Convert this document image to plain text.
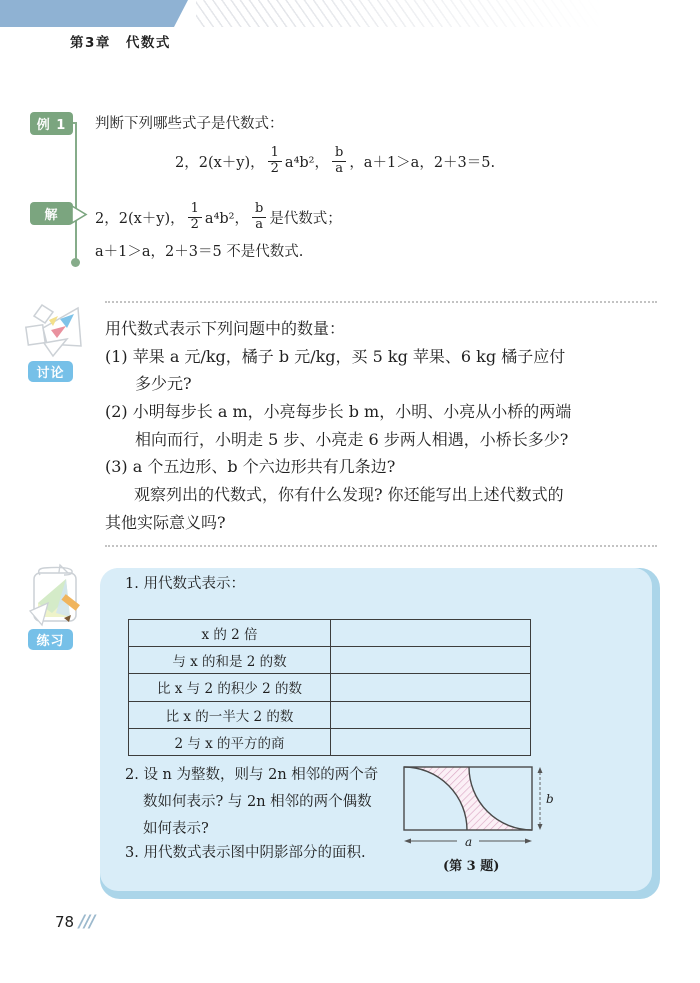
第3章　代数式
例 1	判断下列哪些式子是代数式：
2，2(x＋y)， $\frac{1}{2} a^4b^2$， $\frac{b}{a}$ ，a＋1＞a，2＋3＝5.
解	2，2(x＋y)， $\frac{1}{2} a^4b^2$， $\frac{b}{a}$ 是代数式；
a＋1＞a，2＋3＝5 不是代数式.
讨论
用代数式表示下列问题中的数量：
(1) 苹果 a 元/kg，橘子 b 元/kg，买 5 kg 苹果、6 kg 橘子应付
多少元?
(2) 小明每步长 a m，小亮每步长 b m，小明、小亮从小桥的两端
相向而行，小明走 5 步、小亮走 6 步两人相遇，小桥长多少?
(3) a 个五边形、b 个六边形共有几条边?
观察列出的代数式，你有什么发现? 你还能写出上述代数式的
其他实际意义吗?
练习
1. 用代数式表示：
x 的 2 倍	
与 x 的和是 2 的数	
比 x 与 2 的积少 2 的数	
比 x 的一半大 2 的数	
2 与 x 的平方的商	
2. 设 n 为整数，则与 2n 相邻的两个奇
数如何表示? 与 2n 相邻的两个偶数
如何表示?
3. 用代数式表示图中阴影部分的面积.
b
a
(第 3 题)
78 ///
